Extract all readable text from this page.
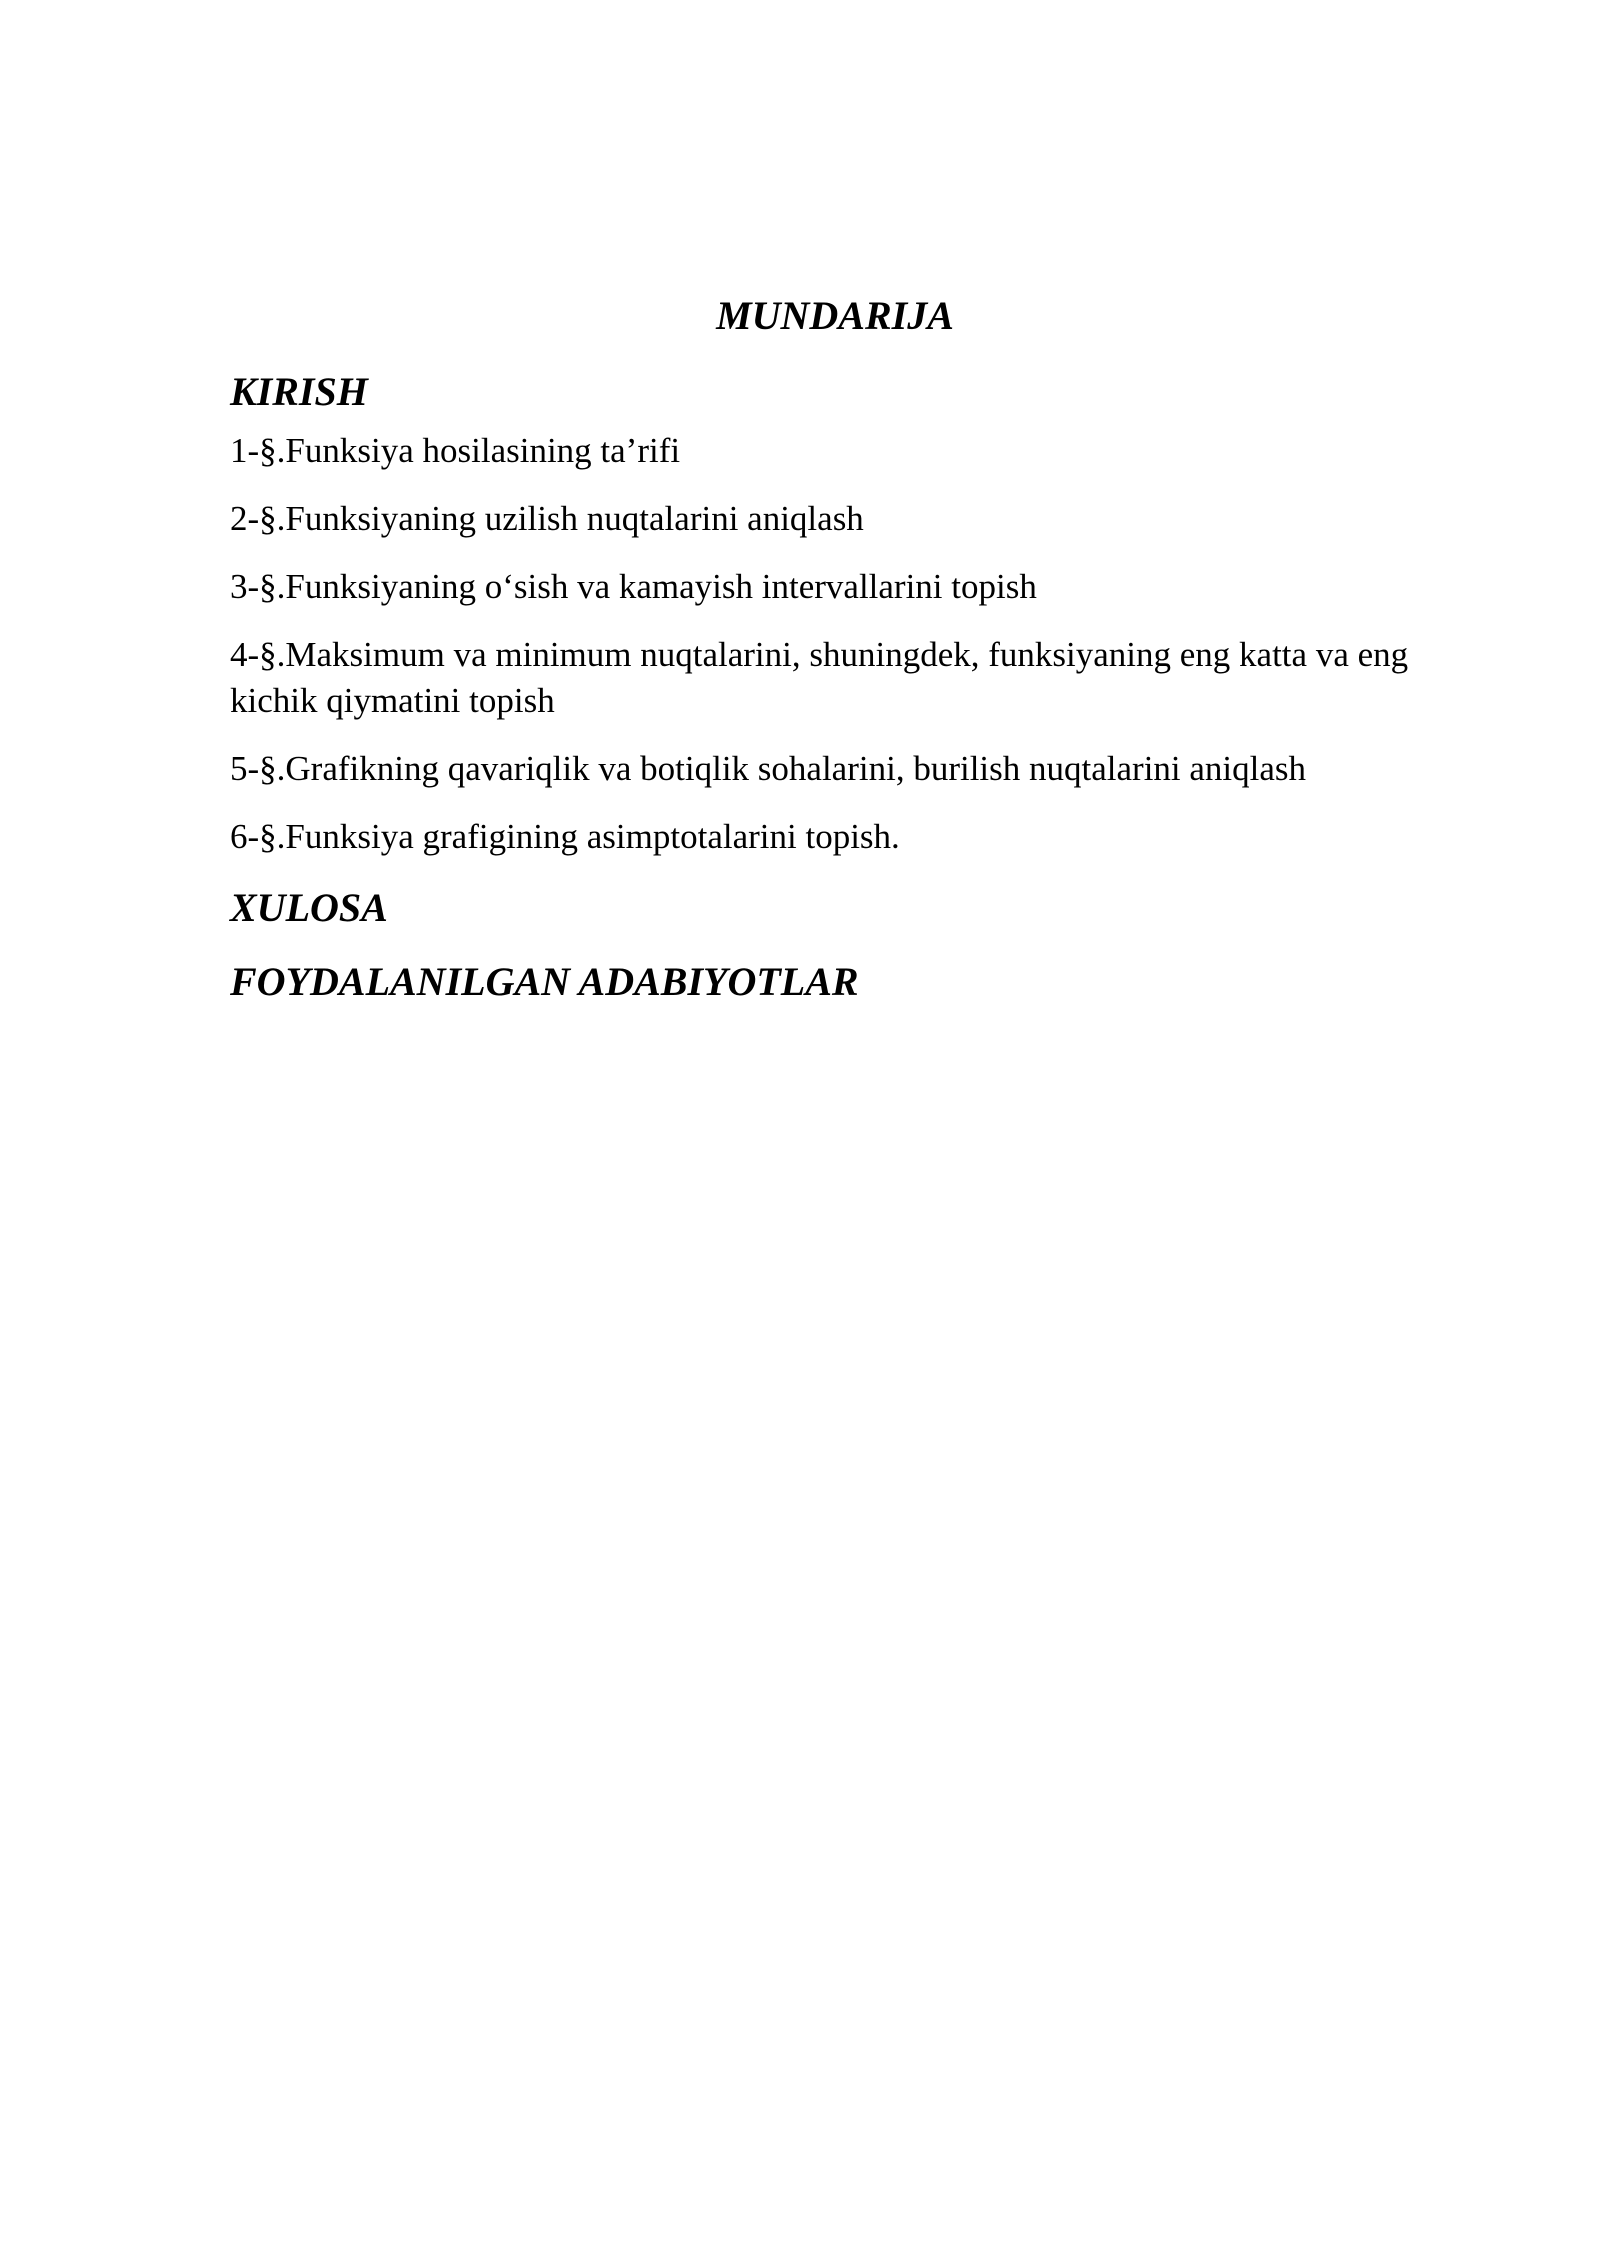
MUNDARIJA
KIRISH
1-§.Funksiya hosilasining ta’rifi
2-§.Funksiyaning uzilish nuqtalarini aniqlash
3-§.Funksiyaning o‘sish va kamayish intervallarini topish
4-§.Maksimum va minimum nuqtalarini, shuningdek, funksiyaning eng katta va eng kichik qiymatini topish
5-§.Grafikning qavariqlik va botiqlik sohalarini, burilish nuqtalarini aniqlash
6-§.Funksiya grafigining asimptotalarini topish.
XULOSA
FOYDALANILGAN ADABIYOTLAR
